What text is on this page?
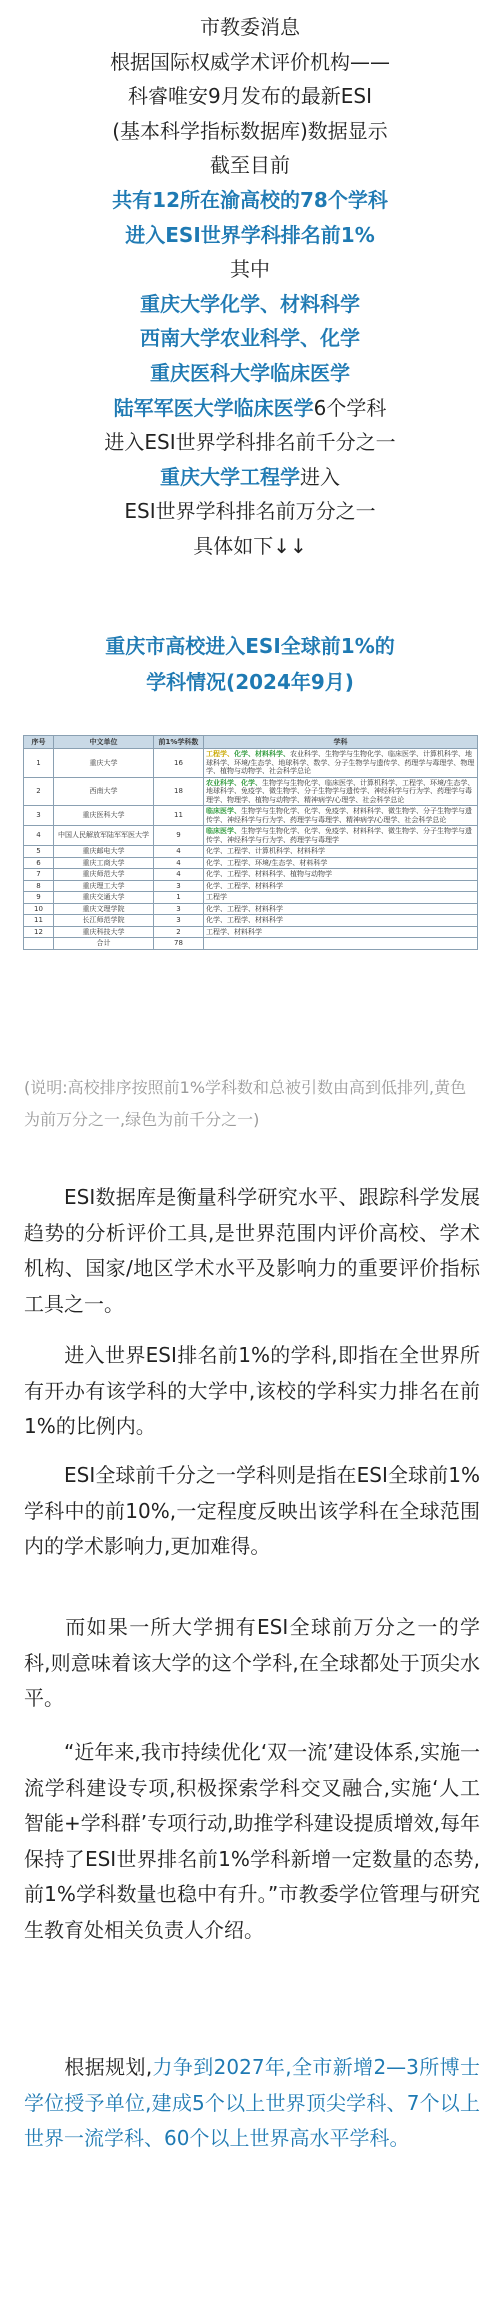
市教委消息
根据国际权威学术评价机构——
科睿唯安9月发布的最新ESI
(基本科学指标数据库)数据显示
截至目前
共有12所在渝高校的78个学科
进入ESI世界学科排名前1%
其中
重庆大学化学、材料科学
西南大学农业科学、化学
重庆医科大学临床医学
陆军军医大学临床医学6个学科
进入ESI世界学科排名前千分之一
重庆大学工程学进入
ESI世界学科排名前万分之一
具体如下↓↓
重庆市高校进入ESI全球前1%的
学科情况(2024年9月)
序号	中文单位	前1%学科数	学科
1	重庆大学	16	工程学、化学、材料科学、农业科学、生物学与生物化学、临床医学、计算机科学、地球科学、环境/生态学、地球科学、数学、分子生物学与遗传学、药理学与毒理学、物理学、植物与动物学、社会科学总论
2	西南大学	18	农业科学、化学、生物学与生物化学、临床医学、计算机科学、工程学、环境/生态学、地球科学、免疫学、微生物学、分子生物学与遗传学、神经科学与行为学、药理学与毒理学、物理学、植物与动物学、精神病学/心理学、社会科学总论
3	重庆医科大学	11	临床医学、生物学与生物化学、化学、免疫学、材料科学、微生物学、分子生物学与遗传学、神经科学与行为学、药理学与毒理学、精神病学/心理学、社会科学总论
4	中国人民解放军陆军军医大学	9	临床医学、生物学与生物化学、化学、免疫学、材料科学、微生物学、分子生物学与遗传学、神经科学与行为学、药理学与毒理学
5	重庆邮电大学	4	化学、工程学、计算机科学、材料科学
6	重庆工商大学	4	化学、工程学、环境/生态学、材料科学
7	重庆师范大学	4	化学、工程学、材料科学、植物与动物学
8	重庆理工大学	3	化学、工程学、材料科学
9	重庆交通大学	1	工程学
10	重庆文理学院	3	化学、工程学、材料科学
11	长江师范学院	3	化学、工程学、材料科学
12	重庆科技大学	2	工程学、材料科学
	合计	78	
(说明:高校排序按照前1%学科数和总被引数由高到低排列,黄色为前万分之一,绿色为前千分之一)
ESI数据库是衡量科学研究水平、跟踪科学发展趋势的分析评价工具,是世界范围内评价高校、学术机构、国家/地区学术水平及影响力的重要评价指标工具之一。
进入世界ESI排名前1%的学科,即指在全世界所有开办有该学科的大学中,该校的学科实力排名在前1%的比例内。
ESI全球前千分之一学科则是指在ESI全球前1%学科中的前10%,一定程度反映出该学科在全球范围内的学术影响力,更加难得。
而如果一所大学拥有ESI全球前万分之一的学科,则意味着该大学的这个学科,在全球都处于顶尖水平。
“近年来,我市持续优化‘双一流’建设体系,实施一流学科建设专项,积极探索学科交叉融合,实施‘人工智能+学科群’专项行动,助推学科建设提质增效,每年保持了ESI世界排名前1%学科新增一定数量的态势,前1%学科数量也稳中有升。”市教委学位管理与研究生教育处相关负责人介绍。
根据规划,力争到2027年,全市新增2—3所博士学位授予单位,建成5个以上世界顶尖学科、7个以上世界一流学科、60个以上世界高水平学科。
